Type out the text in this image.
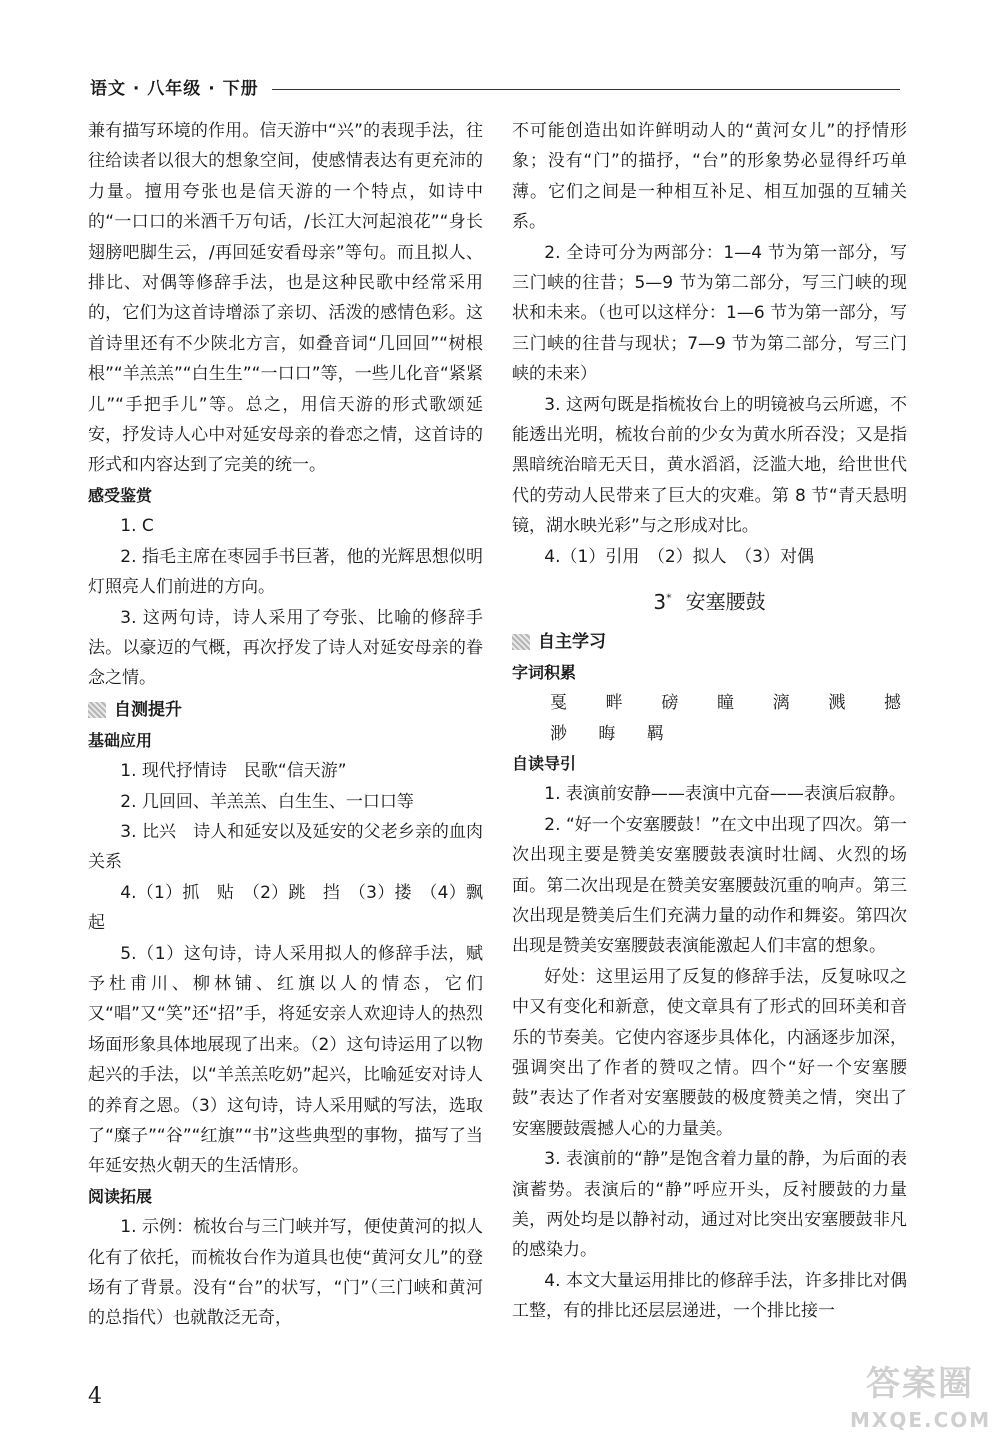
语文 · 八年级 · 下册

兼有描写环境的作用。信天游中“兴”的表现手法，往往给读者以很大的想象空间，使感情表达有更充沛的力量。擅用夸张也是信天游的一个特点，如诗中的“一口口的米酒千万句话，/长江大河起浪花”“身长翅膀吧脚生云，/再回延安看母亲”等句。而且拟人、排比、对偶等修辞手法，也是这种民歌中经常采用的，它们为这首诗增添了亲切、活泼的感情色彩。这首诗里还有不少陕北方言，如叠音词“几回回”“树根根”“羊羔羔”“白生生”“一口口”等，一些儿化音“紧紧儿”“手把手儿”等。总之，用信天游的形式歌颂延安，抒发诗人心中对延安母亲的眷恋之情，这首诗的形式和内容达到了完美的统一。

感受鉴赏

1. C

2. 指毛主席在枣园手书巨著，他的光辉思想似明灯照亮人们前进的方向。

3. 这两句诗，诗人采用了夸张、比喻的修辞手法。以豪迈的气概，再次抒发了诗人对延安母亲的眷念之情。

自测提升

基础应用

1. 现代抒情诗　民歌“信天游”

2. 几回回、羊羔羔、白生生、一口口等

3. 比兴　诗人和延安以及延安的父老乡亲的血肉关系

4.（1）抓　贴　（2）跳　挡　（3）搂　（4）飘　起

5.（1）这句诗，诗人采用拟人的修辞手法，赋予杜甫川、柳林铺、红旗以人的情态，它们又“唱”又“笑”还“招”手，将延安亲人欢迎诗人的热烈场面形象具体地展现了出来。（2）这句诗运用了以物起兴的手法，以“羊羔羔吃奶”起兴，比喻延安对诗人的养育之恩。（3）这句诗，诗人采用赋的写法，选取了“糜子”“谷”“红旗”“书”这些典型的事物，描写了当年延安热火朝天的生活情形。

阅读拓展

1. 示例：梳妆台与三门峡并写，便使黄河的拟人化有了依托，而梳妆台作为道具也使“黄河女儿”的登场有了背景。没有“台”的状写，“门”（三门峡和黄河的总指代）也就散泛无奇，

不可能创造出如许鲜明动人的“黄河女儿”的抒情形象；没有“门”的描抒，“台”的形象势必显得纤巧单薄。它们之间是一种相互补足、相互加强的互辅关系。

2. 全诗可分为两部分：1—4 节为第一部分，写三门峡的往昔；5—9 节为第二部分，写三门峡的现状和未来。（也可以这样分：1—6 节为第一部分，写三门峡的往昔与现状；7—9 节为第二部分，写三门峡的未来）

3. 这两句既是指梳妆台上的明镜被乌云所遮，不能透出光明，梳妆台前的少女为黄水所吞没；又是指黑暗统治暗无天日，黄水滔滔，泛滥大地，给世世代代的劳动人民带来了巨大的灾难。第 8 节“青天悬明镜，湖水映光彩”与之形成对比。

4.（1）引用　（2）拟人　（3）对偶

3* 安塞腰鼓
自主学习

字词积累

戛 畔 磅 瞳 漓 溅 撼 渺 晦 羁

自读导引

1. 表演前安静——表演中亢奋——表演后寂静。

2. “好一个安塞腰鼓！”在文中出现了四次。第一次出现主要是赞美安塞腰鼓表演时壮阔、火烈的场面。第二次出现是在赞美安塞腰鼓沉重的响声。第三次出现是赞美后生们充满力量的动作和舞姿。第四次出现是赞美安塞腰鼓表演能激起人们丰富的想象。

好处：这里运用了反复的修辞手法，反复咏叹之中又有变化和新意，使文章具有了形式的回环美和音乐的节奏美。它使内容逐步具体化，内涵逐步加深，强调突出了作者的赞叹之情。四个“好一个安塞腰鼓”表达了作者对安塞腰鼓的极度赞美之情，突出了安塞腰鼓震撼人心的力量美。

3. 表演前的“静”是饱含着力量的静，为后面的表演蓄势。表演后的“静”呼应开头，反衬腰鼓的力量美，两处均是以静衬动，通过对比突出安塞腰鼓非凡的感染力。

4. 本文大量运用排比的修辞手法，许多排比对偶工整，有的排比还层层递进，一个排比接一

4	答案圈
MXQE.COM
